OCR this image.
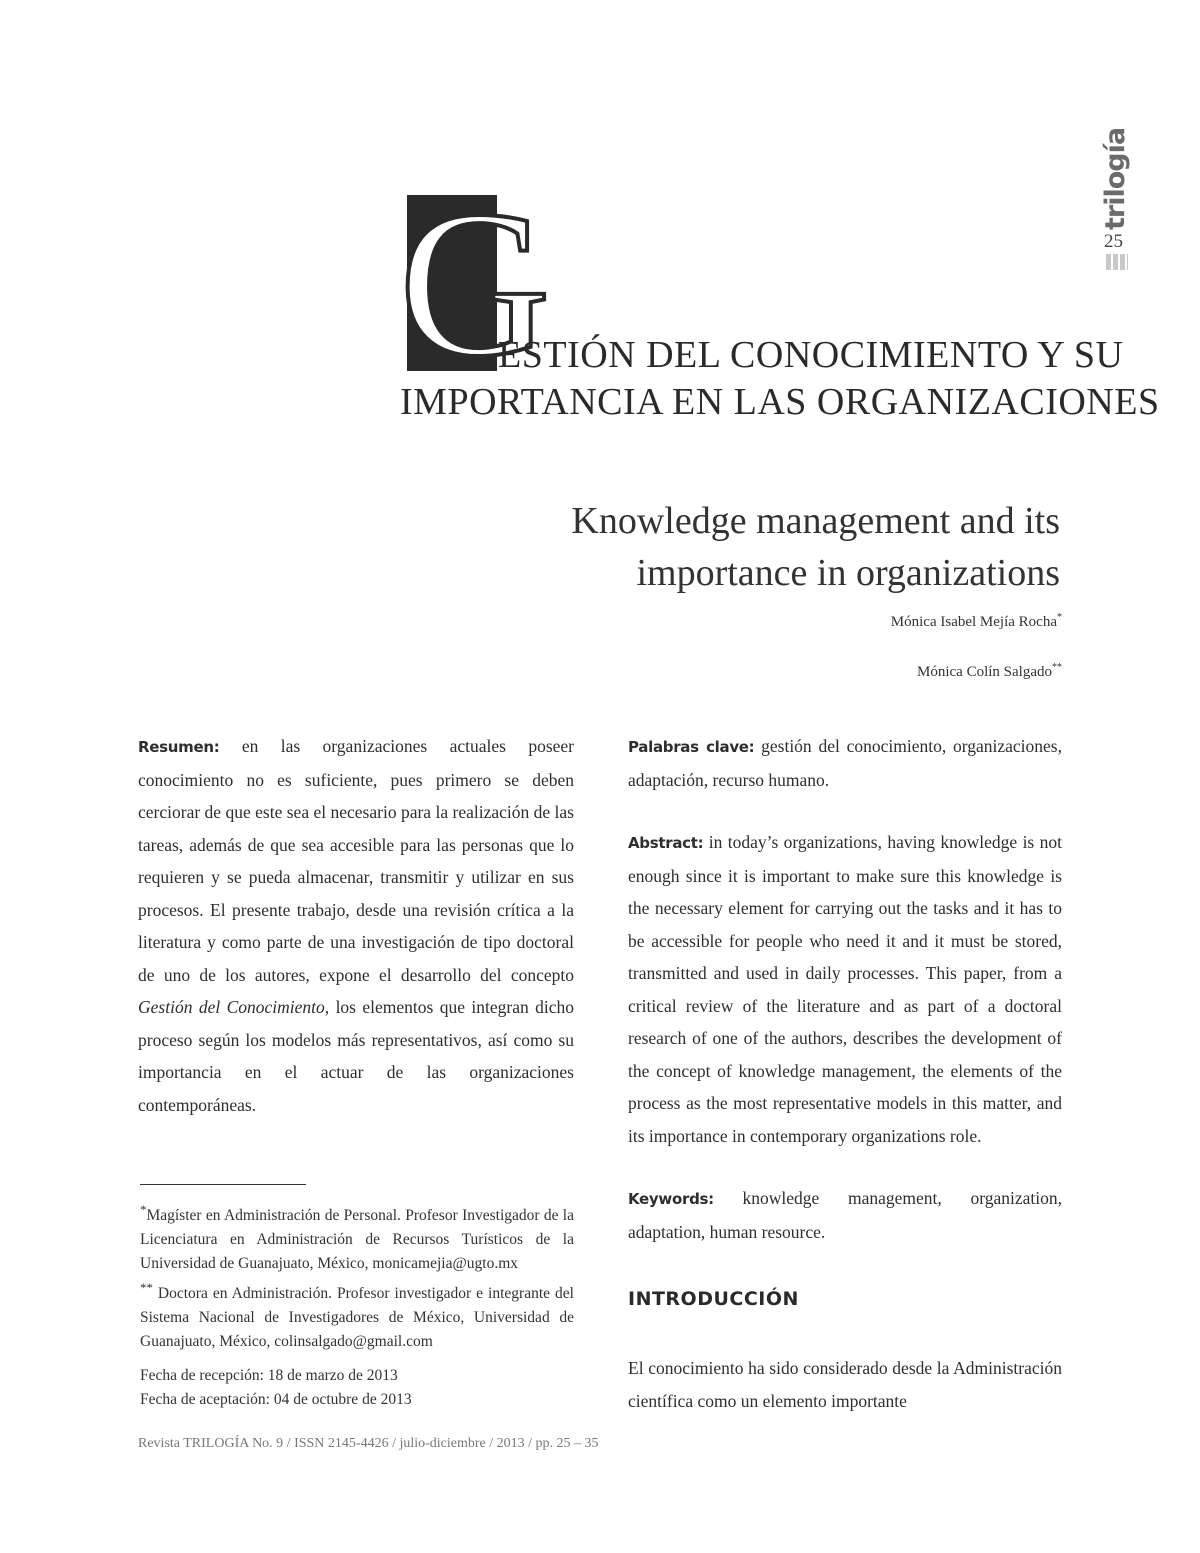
trilogía
25
G
ESTIÓN DEL CONOCIMIENTO Y SU
IMPORTANCIA EN LAS ORGANIZACIONES
Knowledge management and its
importance in organizations
Mónica Isabel Mejía Rocha*
Mónica Colín Salgado**
Resumen: en las organizaciones actuales poseer conocimiento no es suficiente, pues primero se deben cerciorar de que este sea el necesario para la realización de las tareas, además de que sea accesible para las personas que lo requieren y se pueda almacenar, transmitir y utilizar en sus procesos. El presente trabajo, desde una revisión crítica a la literatura y como parte de una investigación de tipo doctoral de uno de los autores, expone el desarrollo del concepto Gestión del Conocimiento, los elementos que integran dicho proceso según los modelos más representativos, así como su importancia en el actuar de las organizaciones contemporáneas.
*Magíster en Administración de Personal. Profesor Investigador de la Licenciatura en Administración de Recursos Turísticos de la Universidad de Guanajuato, México, monicamejia@ugto.mx
** Doctora en Administración. Profesor investigador e integrante del Sistema Nacional de Investigadores de México, Universidad de Guanajuato, México, colinsalgado@gmail.com
Fecha de recepción: 18 de marzo de 2013
Fecha de aceptación: 04 de octubre de 2013
Palabras clave: gestión del conocimiento, organizaciones, adaptación, recurso humano.
Abstract: in today’s organizations, having knowledge is not enough since it is important to make sure this knowledge is the necessary element for carrying out the tasks and it has to be accessible for people who need it and it must be stored, transmitted and used in daily processes. This paper, from a critical review of the literature and as part of a doctoral research of one of the authors, describes the development of the concept of knowledge management, the elements of the process as the most representative models in this matter, and its importance in contemporary organizations role.
Keywords: knowledge management, organization, adaptation, human resource.
INTRODUCCIÓN
El conocimiento ha sido considerado desde la Administración científica como un elemento importante
Revista TRILOGÍA No. 9 / ISSN 2145-4426 / julio-diciembre / 2013 / pp. 25 – 35
